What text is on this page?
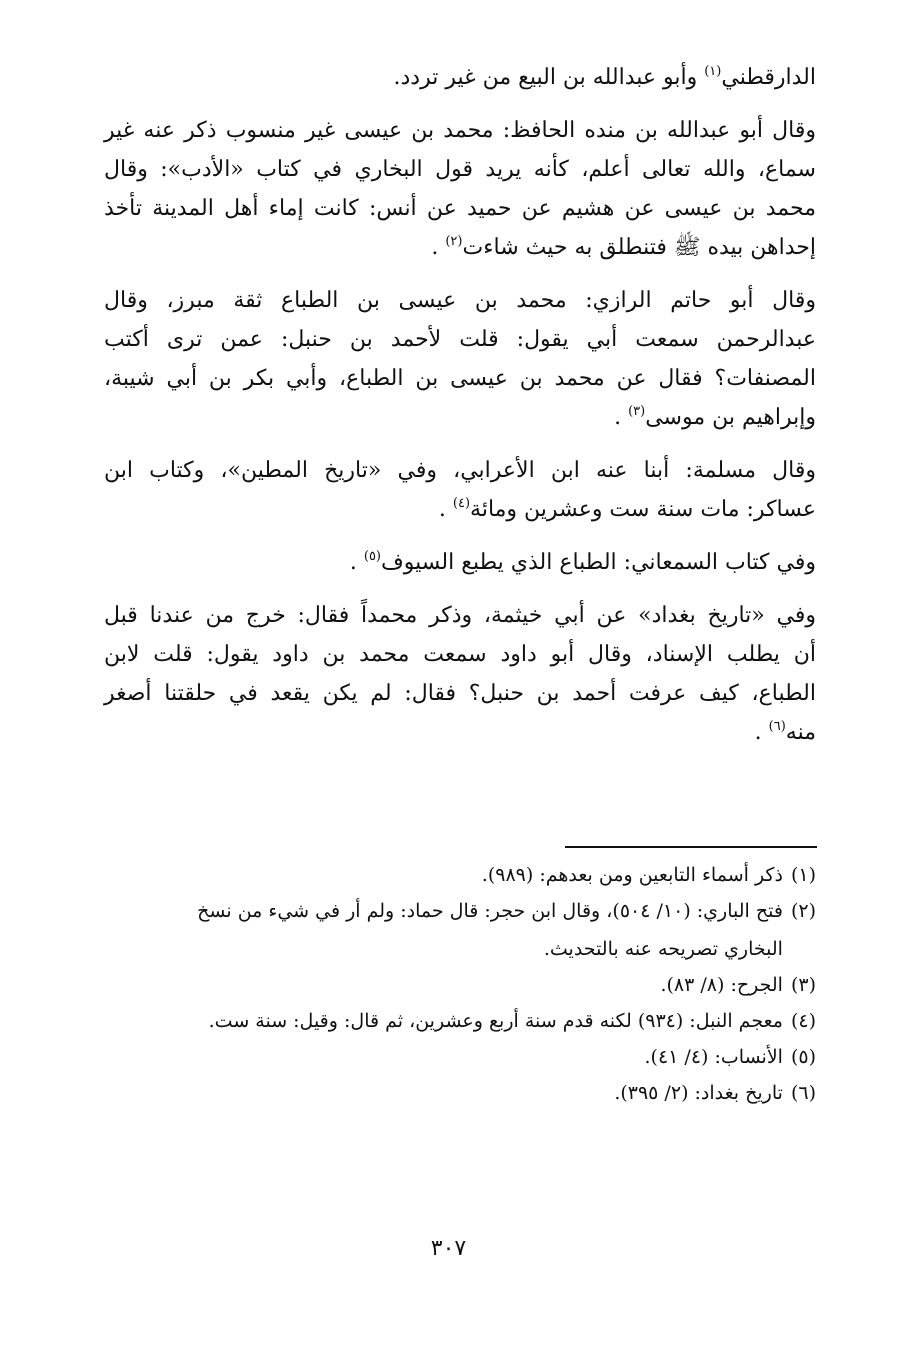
الدارقطني$^{(١)}$ وأبو عبدالله بن البيع من غير تردد.

وقال أبو عبدالله بن منده الحافظ: محمد بن عيسى غير منسوب ذكر عنه غير
سماع، والله تعالى أعلم، كأنه يريد قول البخاري في كتاب «الأدب»: وقال
محمد بن عيسى عن هشيم عن حميد عن أنس: كانت إماء أهل المدينة تأخذ
إحداهن بيده ﷺ فتنطلق به حيث شاءت$^{(٢)}$ .

وقال أبو حاتم الرازي: محمد بن عيسى بن الطباع ثقة مبرز، وقال
عبدالرحمن سمعت أبي يقول: قلت لأحمد بن حنبل: عمن ترى أكتب
المصنفات؟ فقال عن محمد بن عيسى بن الطباع، وأبي بكر بن أبي شيبة،
وإبراهيم بن موسى$^{(٣)}$ .

وقال مسلمة: أبنا عنه ابن الأعرابي، وفي «تاريخ المطين»، وكتاب ابن
عساكر: مات سنة ست وعشرين ومائة$^{(٤)}$ .

وفي كتاب السمعاني: الطباع الذي يطبع السيوف$^{(٥)}$ .

وفي «تاريخ بغداد» عن أبي خيثمة، وذكر محمداً فقال: خرج من عندنا قبل
أن يطلب الإسناد، وقال أبو داود سمعت محمد بن داود يقول: قلت لابن
الطباع، كيف عرفت أحمد بن حنبل؟ فقال: لم يكن يقعد في حلقتنا أصغر
منه$^{(٦)}$ .

(١)
ذكر أسماء التابعين ومن بعدهم: (٩٨٩).
(٢)
فتح الباري: (١٠/ ٥٠٤)، وقال ابن حجر: قال حماد: ولم أر في شيء من نسخ
البخاري تصريحه عنه بالتحديث.
(٣)
الجرح: (٨/ ٨٣).
(٤)
معجم النبل: (٩٣٤) لكنه قدم سنة أربع وعشرين، ثم قال: وقيل: سنة ست.
(٥)
الأنساب: (٤/ ٤١).
(٦)
تاريخ بغداد: (٢/ ٣٩٥).
٣٠٧
